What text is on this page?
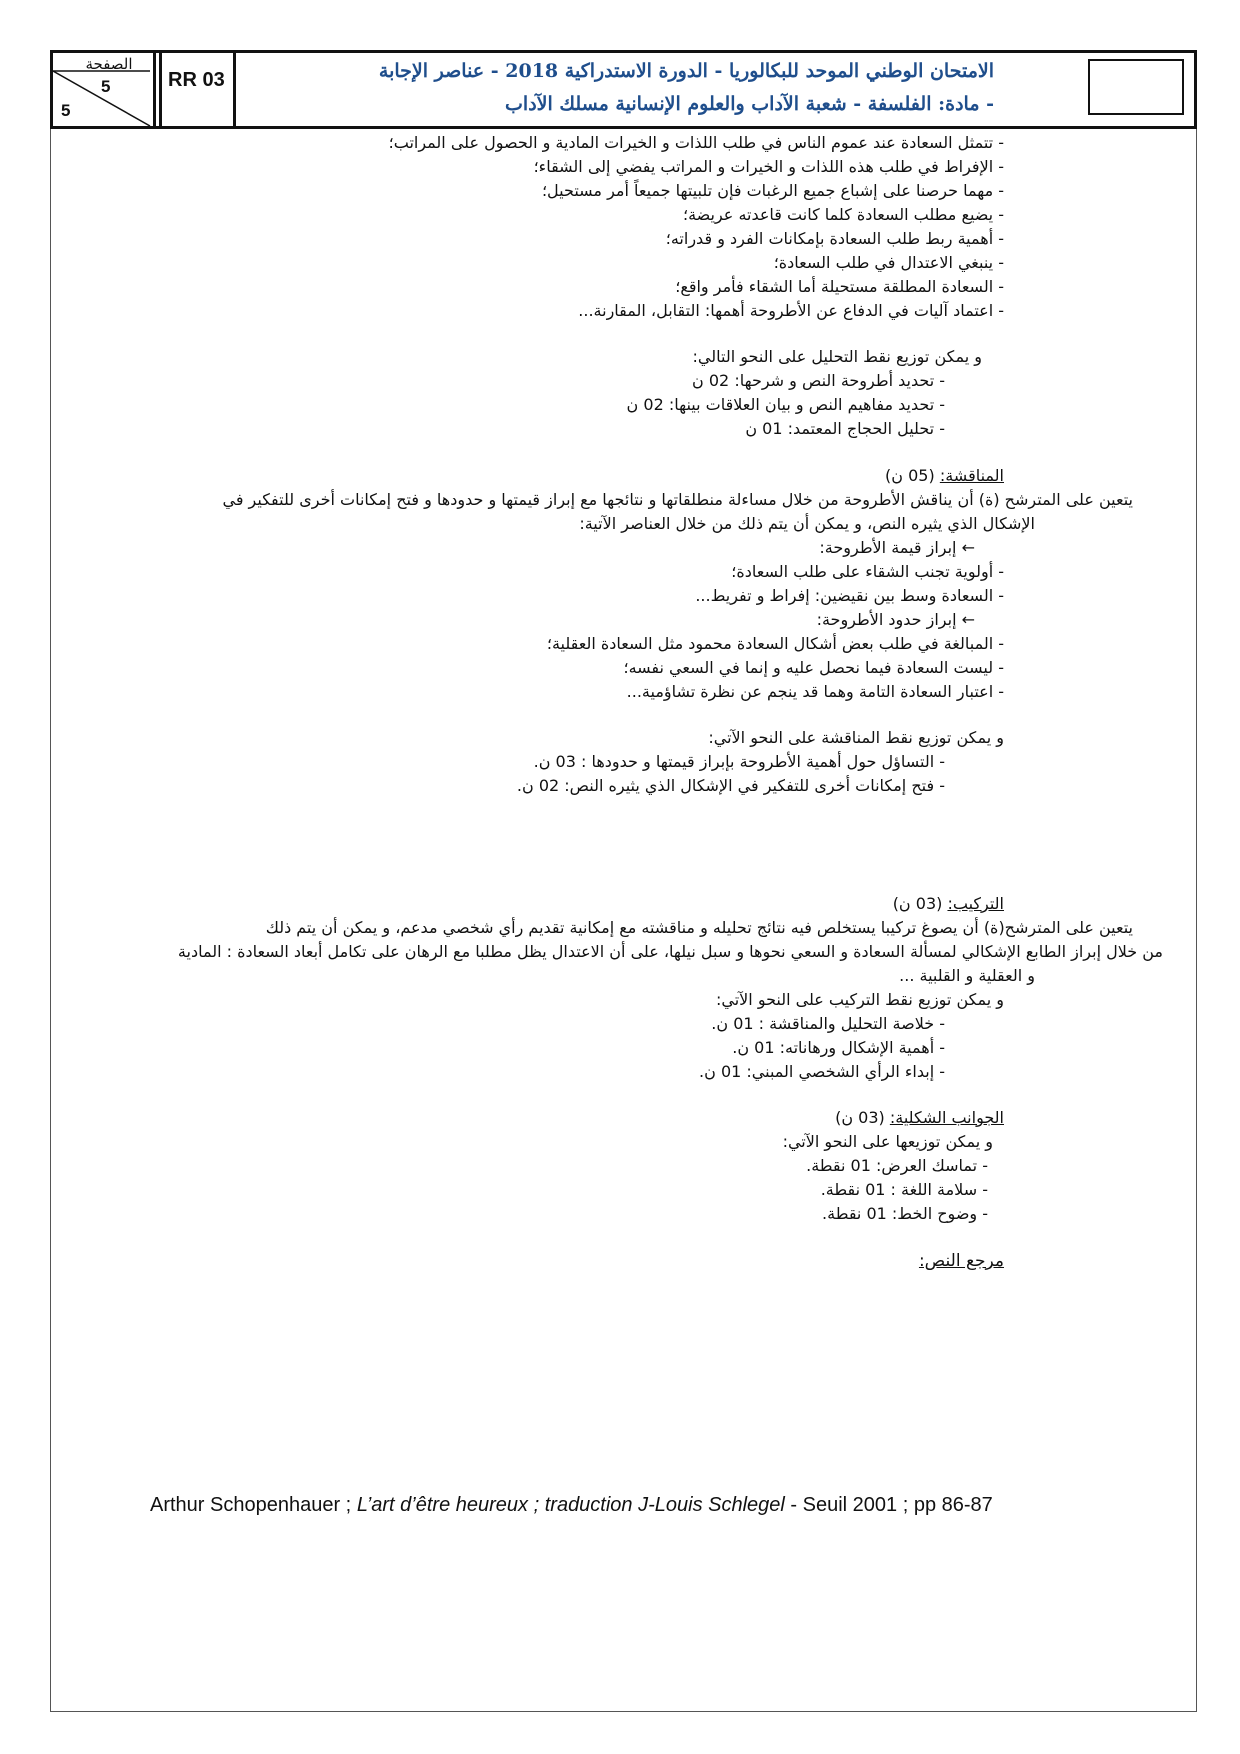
الصفحة
5
5
RR 03	الامتحان الوطني الموحد للبكالوريا - الدورة الاستدراكية 2018 - عناصر الإجابة
- مادة: الفلسفة - شعبة الآداب والعلوم الإنسانية مسلك الآداب
- تتمثل السعادة عند عموم الناس في طلب اللذات و الخيرات المادية و الحصول على المراتب؛
- الإفراط في طلب هذه اللذات و الخيرات و المراتب يفضي إلى الشقاء؛
- مهما حرصنا على إشباع جميع الرغبات فإن تلبيتها جميعاً أمر مستحيل؛
- يضيع مطلب السعادة كلما كانت قاعدته عريضة؛
- أهمية ربط طلب السعادة بإمكانات الفرد و قدراته؛
- ينبغي الاعتدال في طلب السعادة؛
- السعادة المطلقة مستحيلة أما الشقاء فأمر واقع؛
- اعتماد آليات في الدفاع عن الأطروحة أهمها: التقابل، المقارنة...
و يمكن توزيع نقط التحليل على النحو التالي:
- تحديد أطروحة النص و شرحها: 02 ن
- تحديد مفاهيم النص و بيان العلاقات بينها: 02 ن
- تحليل الحجاج المعتمد: 01 ن
المناقشة: (05 ن)
يتعين على المترشح (ة) أن يناقش الأطروحة من خلال مساءلة منطلقاتها و نتائجها مع إبراز قيمتها و حدودها و فتح إمكانات أخرى للتفكير في
الإشكال الذي يثيره النص، و يمكن أن يتم ذلك من خلال العناصر الآتية:
← إبراز قيمة الأطروحة:
- أولوية تجنب الشقاء على طلب السعادة؛
- السعادة وسط بين نقيضين: إفراط و تفريط...
← إبراز حدود الأطروحة:
- المبالغة في طلب بعض أشكال السعادة محمود مثل السعادة العقلية؛
- ليست السعادة فيما نحصل عليه و إنما في السعي نفسه؛
- اعتبار السعادة التامة وهما قد ينجم عن نظرة تشاؤمية...
و يمكن توزيع نقط المناقشة على النحو الآتي:
- التساؤل حول أهمية الأطروحة بإبراز قيمتها و حدودها : 03 ن.
- فتح إمكانات أخرى للتفكير في الإشكال الذي يثيره النص: 02 ن.
التركيب: (03 ن)
يتعين على المترشح(ة) أن يصوغ تركيبا يستخلص فيه نتائج تحليله و مناقشته مع إمكانية تقديم رأي شخصي مدعم، و يمكن أن يتم ذلك
من خلال إبراز الطابع الإشكالي لمسألة السعادة و السعي نحوها و سبل نيلها، على أن الاعتدال يظل مطلبا مع الرهان على تكامل أبعاد السعادة : المادية
و العقلية و القلبية ...
و يمكن توزيع نقط التركيب على النحو الآتي:
- خلاصة التحليل والمناقشة : 01 ن.
- أهمية الإشكال ورهاناته: 01 ن.
- إبداء الرأي الشخصي المبني: 01 ن.
الجوانب الشكلية: (03 ن)
و يمكن توزيعها على النحو الآتي:
- تماسك العرض: 01 نقطة.
- سلامة اللغة : 01 نقطة.
- وضوح الخط: 01 نقطة.
مرجع النص:
Arthur Schopenhauer ; L’art d’être heureux ; traduction J-Louis Schlegel - Seuil 2001 ; pp 86-87
